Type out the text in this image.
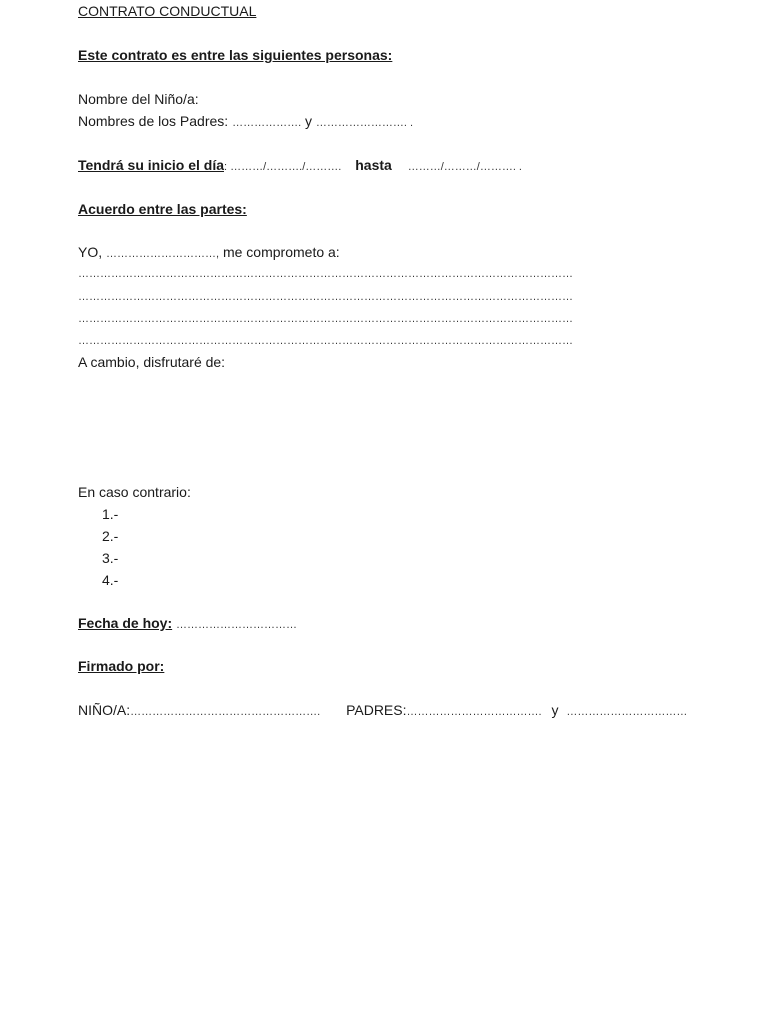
CONTRATO CONDUCTUAL
Este contrato es entre las siguientes personas:
Nombre del Niño/a:
Nombres de los Padres: ………………. y ……………………. .
Tendrá su inicio el día: ………/………./………. hasta ………/………/………. .
Acuerdo entre las partes:
YO, …………………………, me comprometo a:
………………………………………………………………………………………………………………………
………………………………………………………………………………………………………………………
………………………………………………………………………………………………………………………
………………………………………………………………………………………………………………………
A cambio, disfrutaré de:
En caso contrario:
1.-
2.-
3.-
4.-
Fecha de hoy: ……………………………
Firmado por:
NIÑO/A:……………………………………………. PADRES:………………………………. y ……………………………
